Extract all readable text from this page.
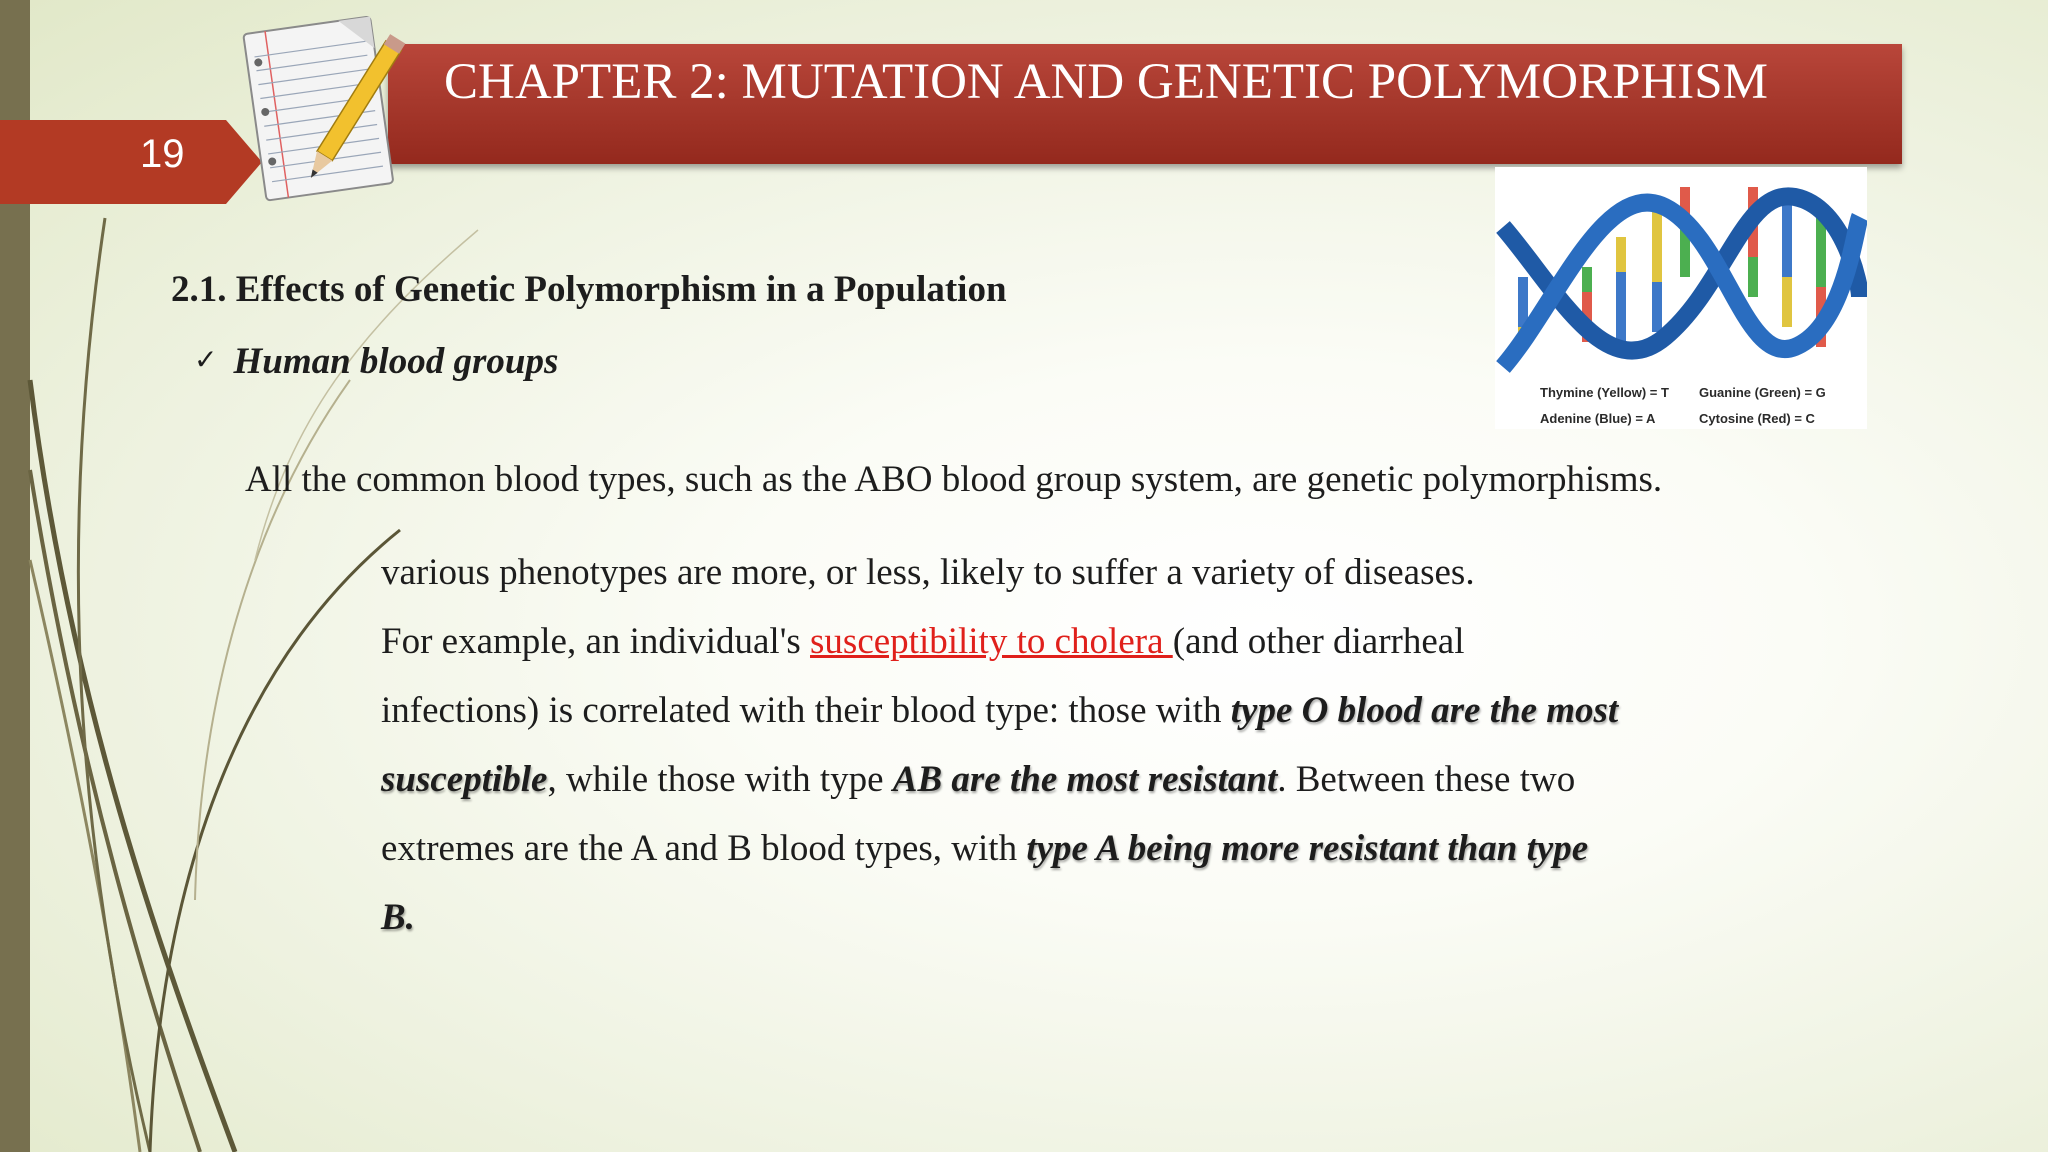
19
CHAPTER 2: MUTATION AND GENETIC POLYMORPHISM
Thymine (Yellow) = T Guanine (Green) = G
Adenine (Blue) = A	Cytosine (Red) = C
2.1. Effects of Genetic Polymorphism in a Population
✓ Human blood groups
All the common blood types, such as the ABO blood group system, are genetic polymorphisms.
various phenotypes are more, or less, likely to suffer a variety of diseases.
For example, an individual's susceptibility to cholera (and other diarrheal
infections) is correlated with their blood type: those with type O blood are the most
susceptible, while those with type AB are the most resistant. Between these two
extremes are the A and B blood types, with type A being more resistant than type
B.
